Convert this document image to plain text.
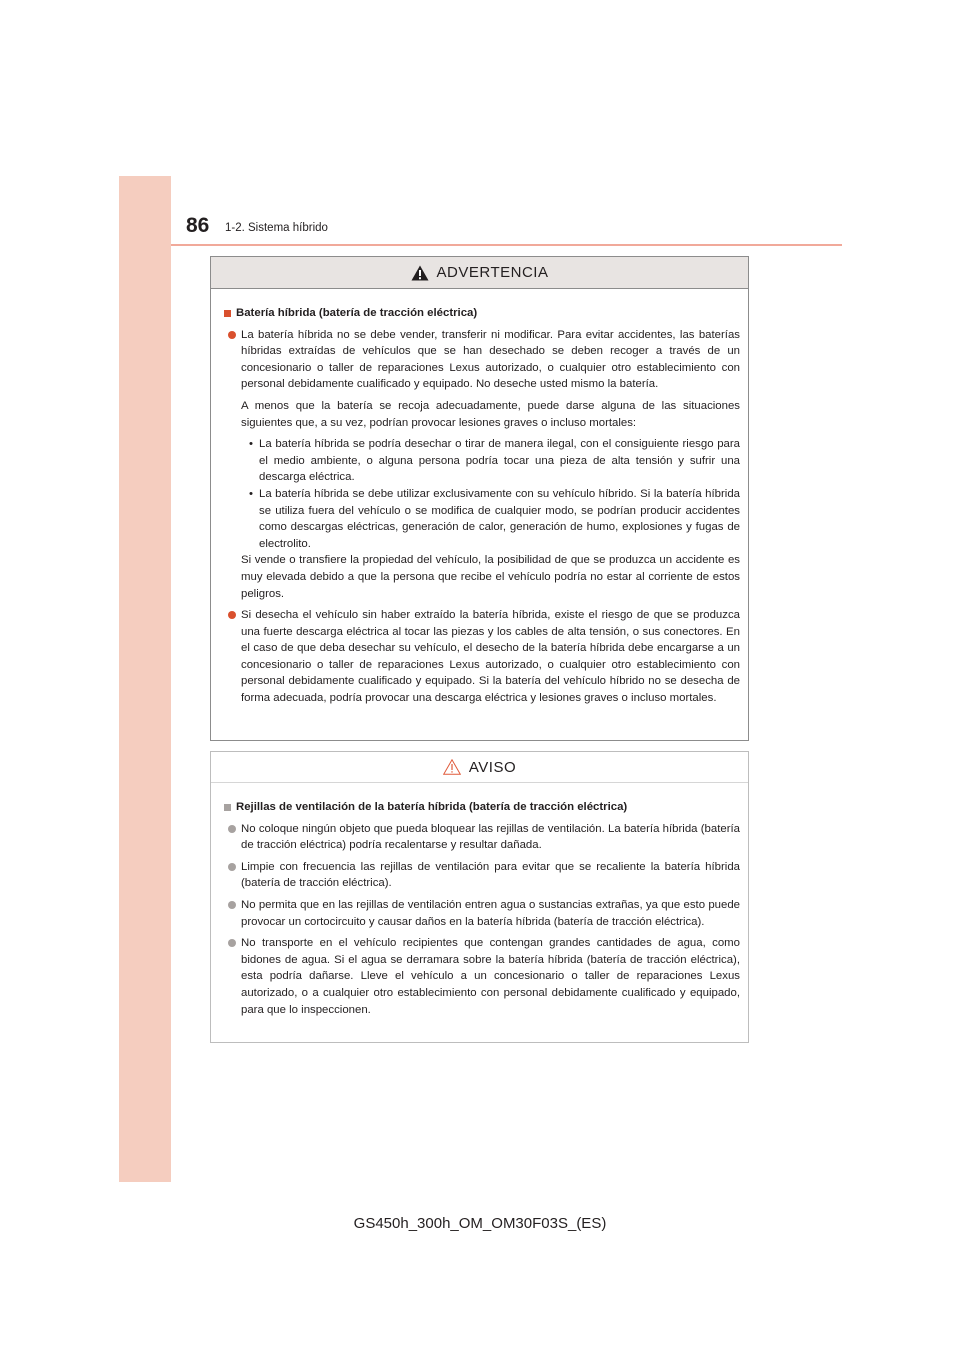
86 1-2. Sistema híbrido
ADVERTENCIA
Batería híbrida (batería de tracción eléctrica)
La batería híbrida no se debe vender, transferir ni modificar. Para evitar accidentes, las baterías híbridas extraídas de vehículos que se han desechado se deben recoger a través de un concesionario o taller de reparaciones Lexus autorizado, o cualquier otro establecimiento con personal debidamente cualificado y equipado. No deseche usted mismo la batería.
A menos que la batería se recoja adecuadamente, puede darse alguna de las situaciones siguientes que, a su vez, podrían provocar lesiones graves o incluso mortales:
• La batería híbrida se podría desechar o tirar de manera ilegal, con el consiguiente riesgo para el medio ambiente, o alguna persona podría tocar una pieza de alta tensión y sufrir una descarga eléctrica.
• La batería híbrida se debe utilizar exclusivamente con su vehículo híbrido. Si la batería híbrida se utiliza fuera del vehículo o se modifica de cualquier modo, se podrían producir accidentes como descargas eléctricas, generación de calor, generación de humo, explosiones y fugas de electrolito.
Si vende o transfiere la propiedad del vehículo, la posibilidad de que se produzca un accidente es muy elevada debido a que la persona que recibe el vehículo podría no estar al corriente de estos peligros.
Si desecha el vehículo sin haber extraído la batería híbrida, existe el riesgo de que se produzca una fuerte descarga eléctrica al tocar las piezas y los cables de alta tensión, o sus conectores. En el caso de que deba desechar su vehículo, el desecho de la batería híbrida debe encargarse a un concesionario o taller de reparaciones Lexus autorizado, o cualquier otro establecimiento con personal debidamente cualificado y equipado. Si la batería del vehículo híbrido no se desecha de forma adecuada, podría provocar una descarga eléctrica y lesiones graves o incluso mortales.
AVISO
Rejillas de ventilación de la batería híbrida (batería de tracción eléctrica)
No coloque ningún objeto que pueda bloquear las rejillas de ventilación. La batería híbrida (batería de tracción eléctrica) podría recalentarse y resultar dañada.
Limpie con frecuencia las rejillas de ventilación para evitar que se recaliente la batería híbrida (batería de tracción eléctrica).
No permita que en las rejillas de ventilación entren agua o sustancias extrañas, ya que esto puede provocar un cortocircuito y causar daños en la batería híbrida (batería de tracción eléctrica).
No transporte en el vehículo recipientes que contengan grandes cantidades de agua, como bidones de agua. Si el agua se derramara sobre la batería híbrida (batería de tracción eléctrica), esta podría dañarse. Lleve el vehículo a un concesionario o taller de reparaciones Lexus autorizado, o a cualquier otro establecimiento con personal debidamente cualificado y equipado, para que lo inspeccionen.
GS450h_300h_OM_OM30F03S_(ES)
